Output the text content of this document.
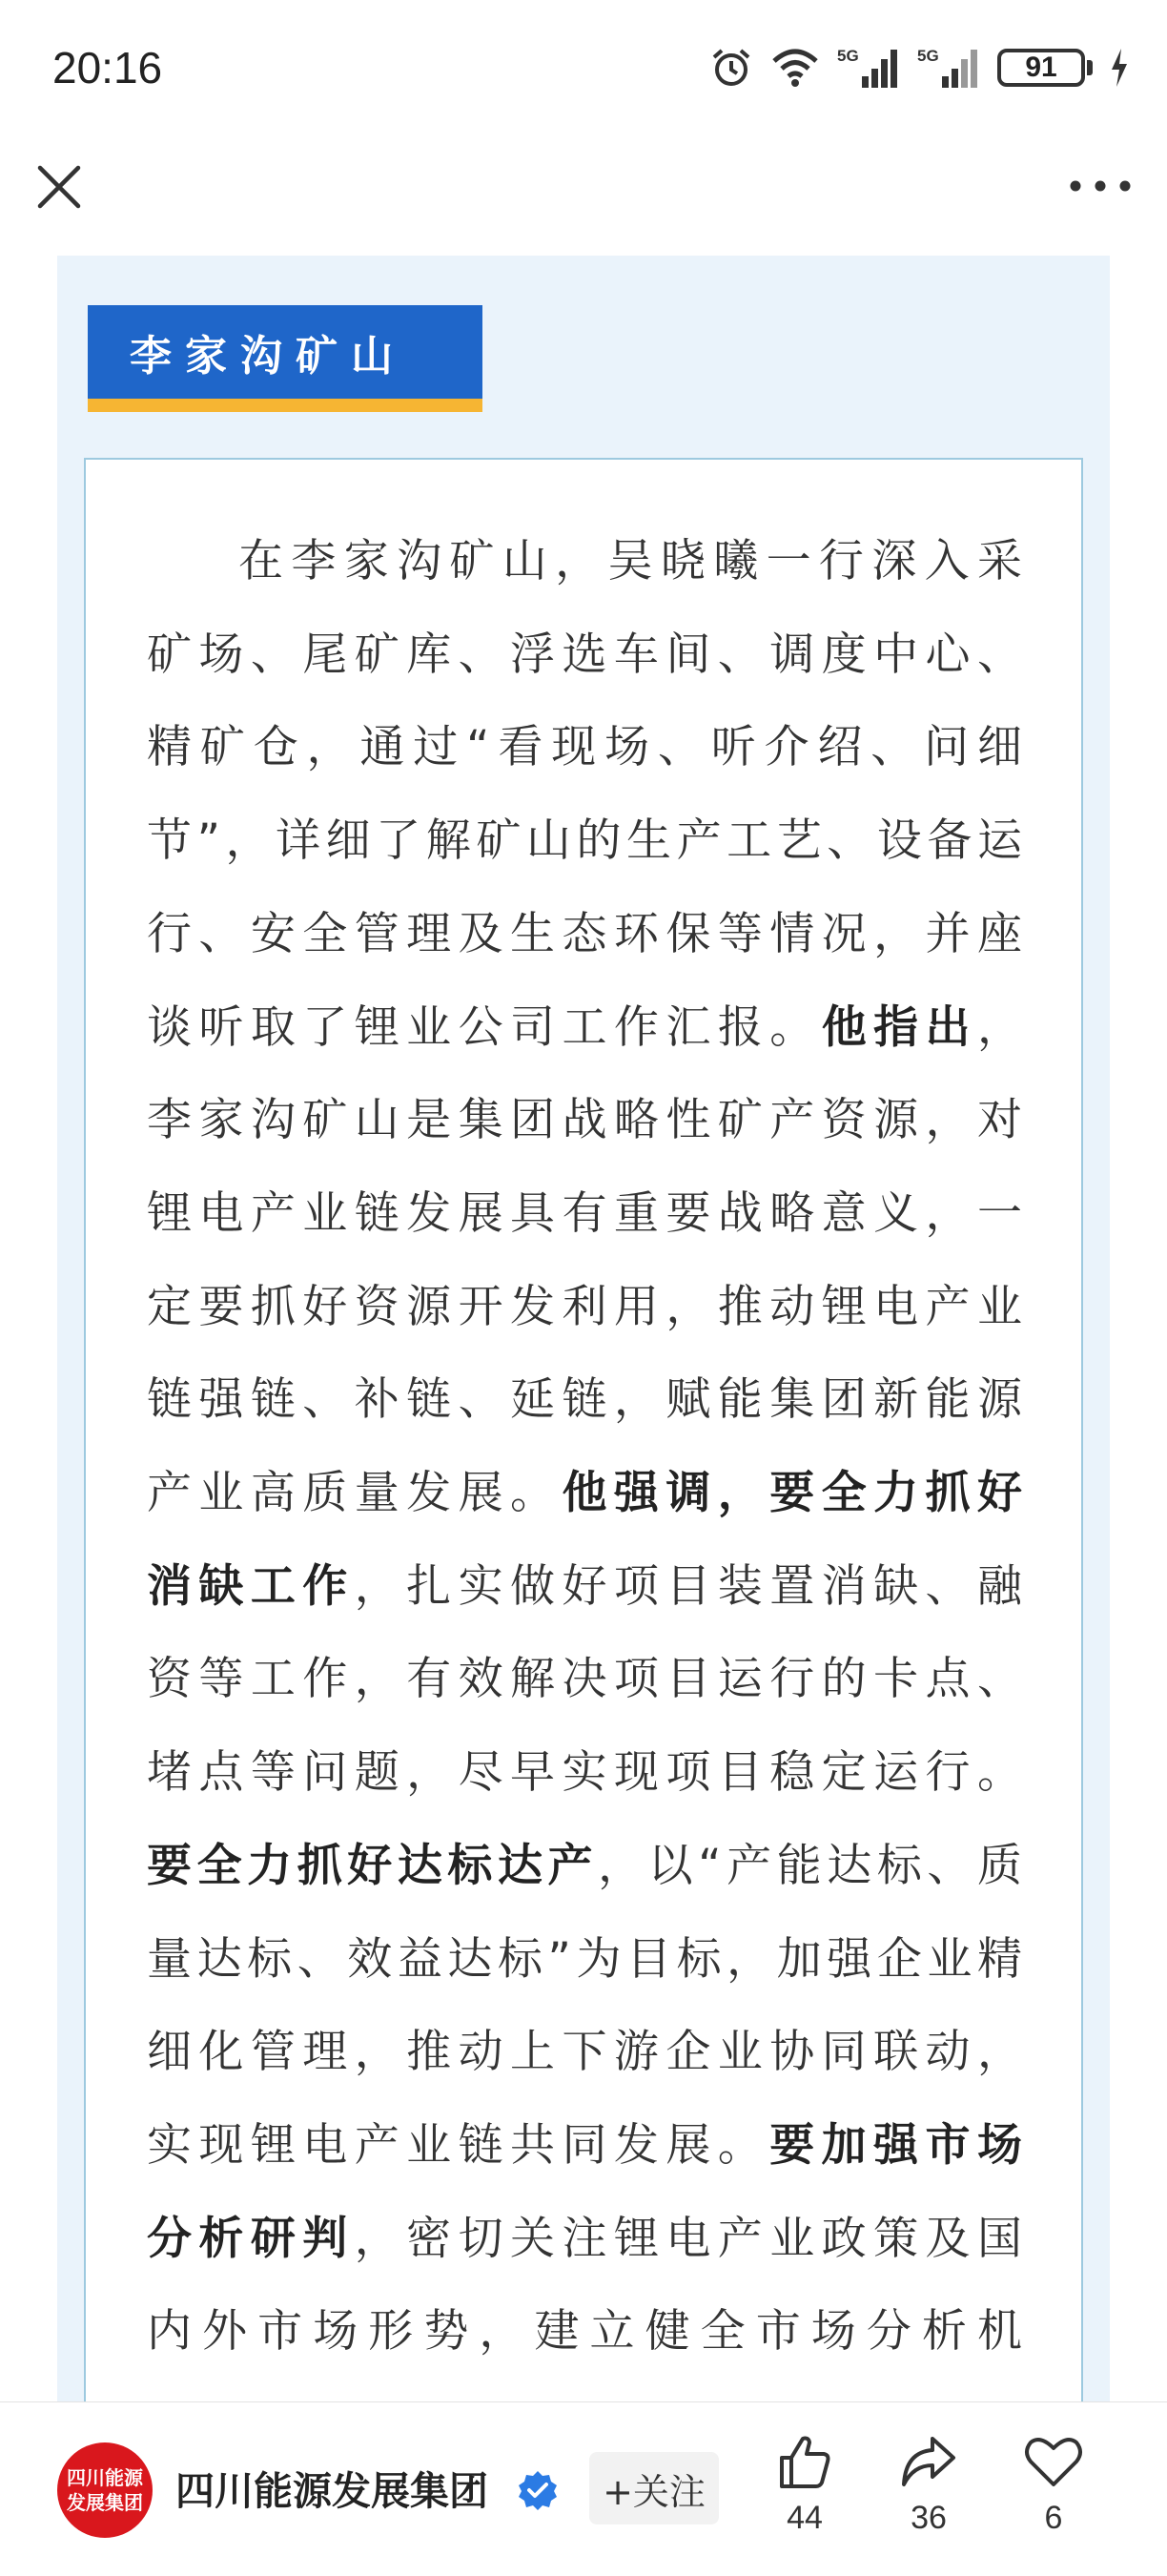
20:16	5G	5G	91
李家沟矿山
在李家沟矿山，吴晓曦一行深入采
矿场、尾矿库、浮选车间、调度中心、
精矿仓，通过“看现场、听介绍、问细
节”，详细了解矿山的生产工艺、设备运
行、安全管理及生态环保等情况，并座
谈听取了锂业公司工作汇报。他指出，
李家沟矿山是集团战略性矿产资源，对
锂电产业链发展具有重要战略意义，一
定要抓好资源开发利用，推动锂电产业
链强链、补链、延链，赋能集团新能源
产业高质量发展。他强调，要全力抓好
消缺工作，扎实做好项目装置消缺、融
资等工作，有效解决项目运行的卡点、
堵点等问题，尽早实现项目稳定运行。
要全力抓好达标达产，以“产能达标、质
量达标、效益达标”为目标，加强企业精
细化管理，推动上下游企业协同联动，
实现锂电产业链共同发展。要加强市场
分析研判，密切关注锂电产业政策及国
内外市场形势，建立健全市场分析机
四川能源
发展集团 四川能源发展集团	+关注
44	36	6
